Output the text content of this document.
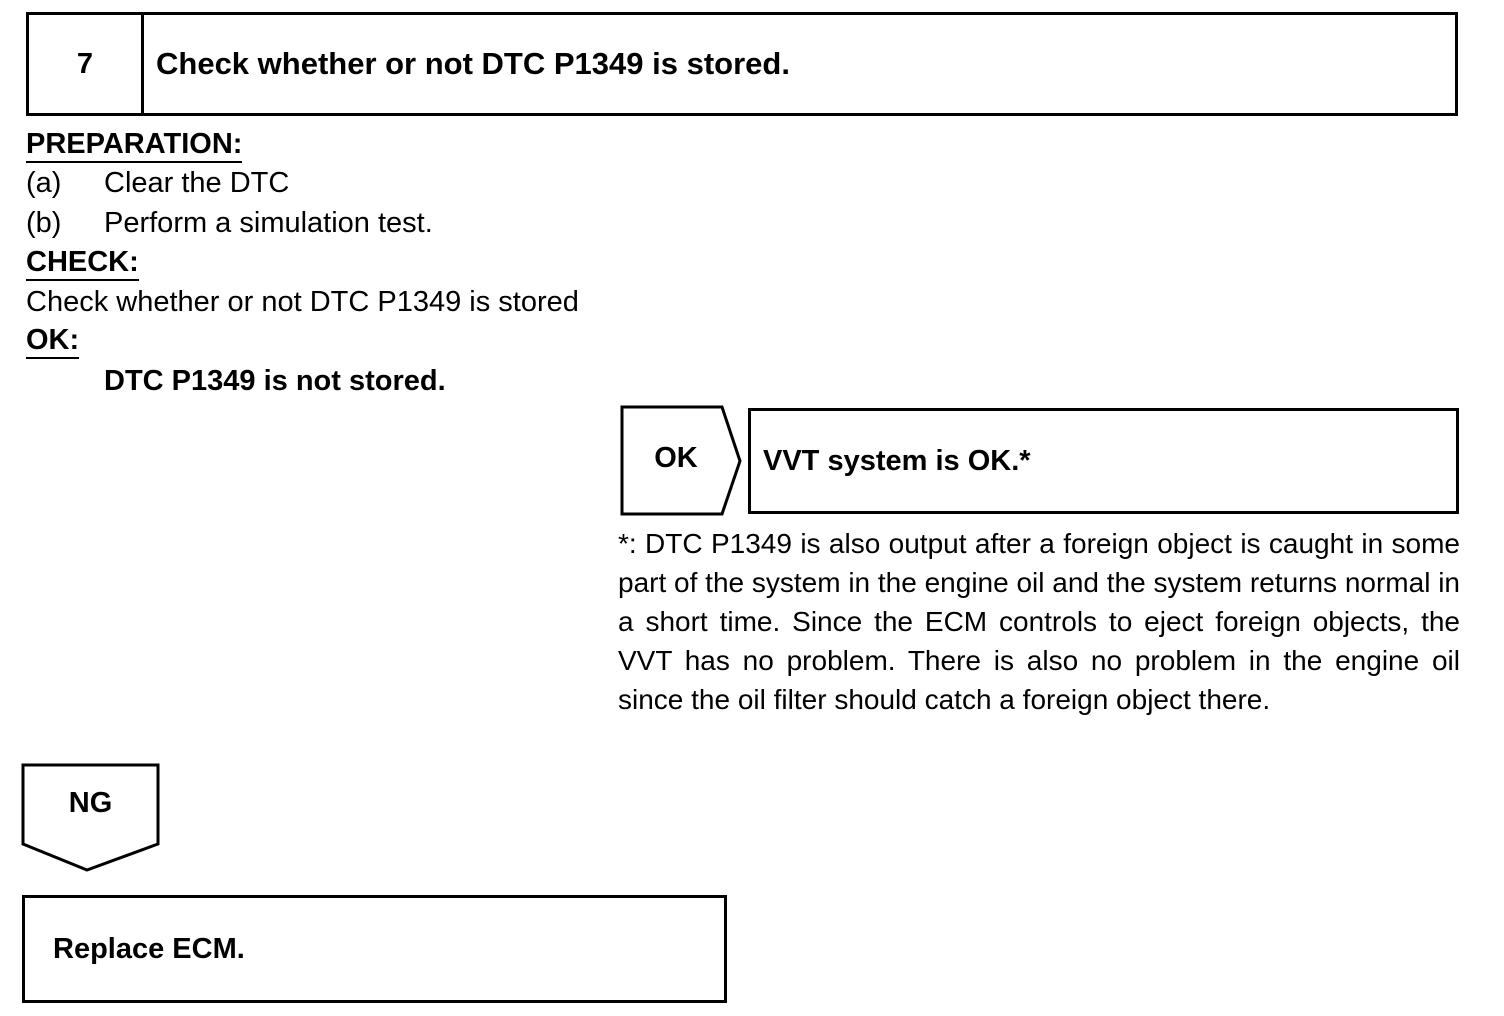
7	Check whether or not DTC P1349 is stored.
PREPARATION:
(a) Clear the DTC
(b) Perform a simulation test.
CHECK:
Check whether or not DTC P1349 is stored
OK:
DTC P1349 is not stored.
OK	VVT system is OK.*
*: DTC P1349 is also output after a foreign object is caught in some part of the system in the engine oil and the system returns normal in a short time. Since the ECM controls to eject foreign objects, the VVT has no problem. There is also no problem in the engine oil since the oil filter should catch a foreign object there.
NG
Replace ECM.
